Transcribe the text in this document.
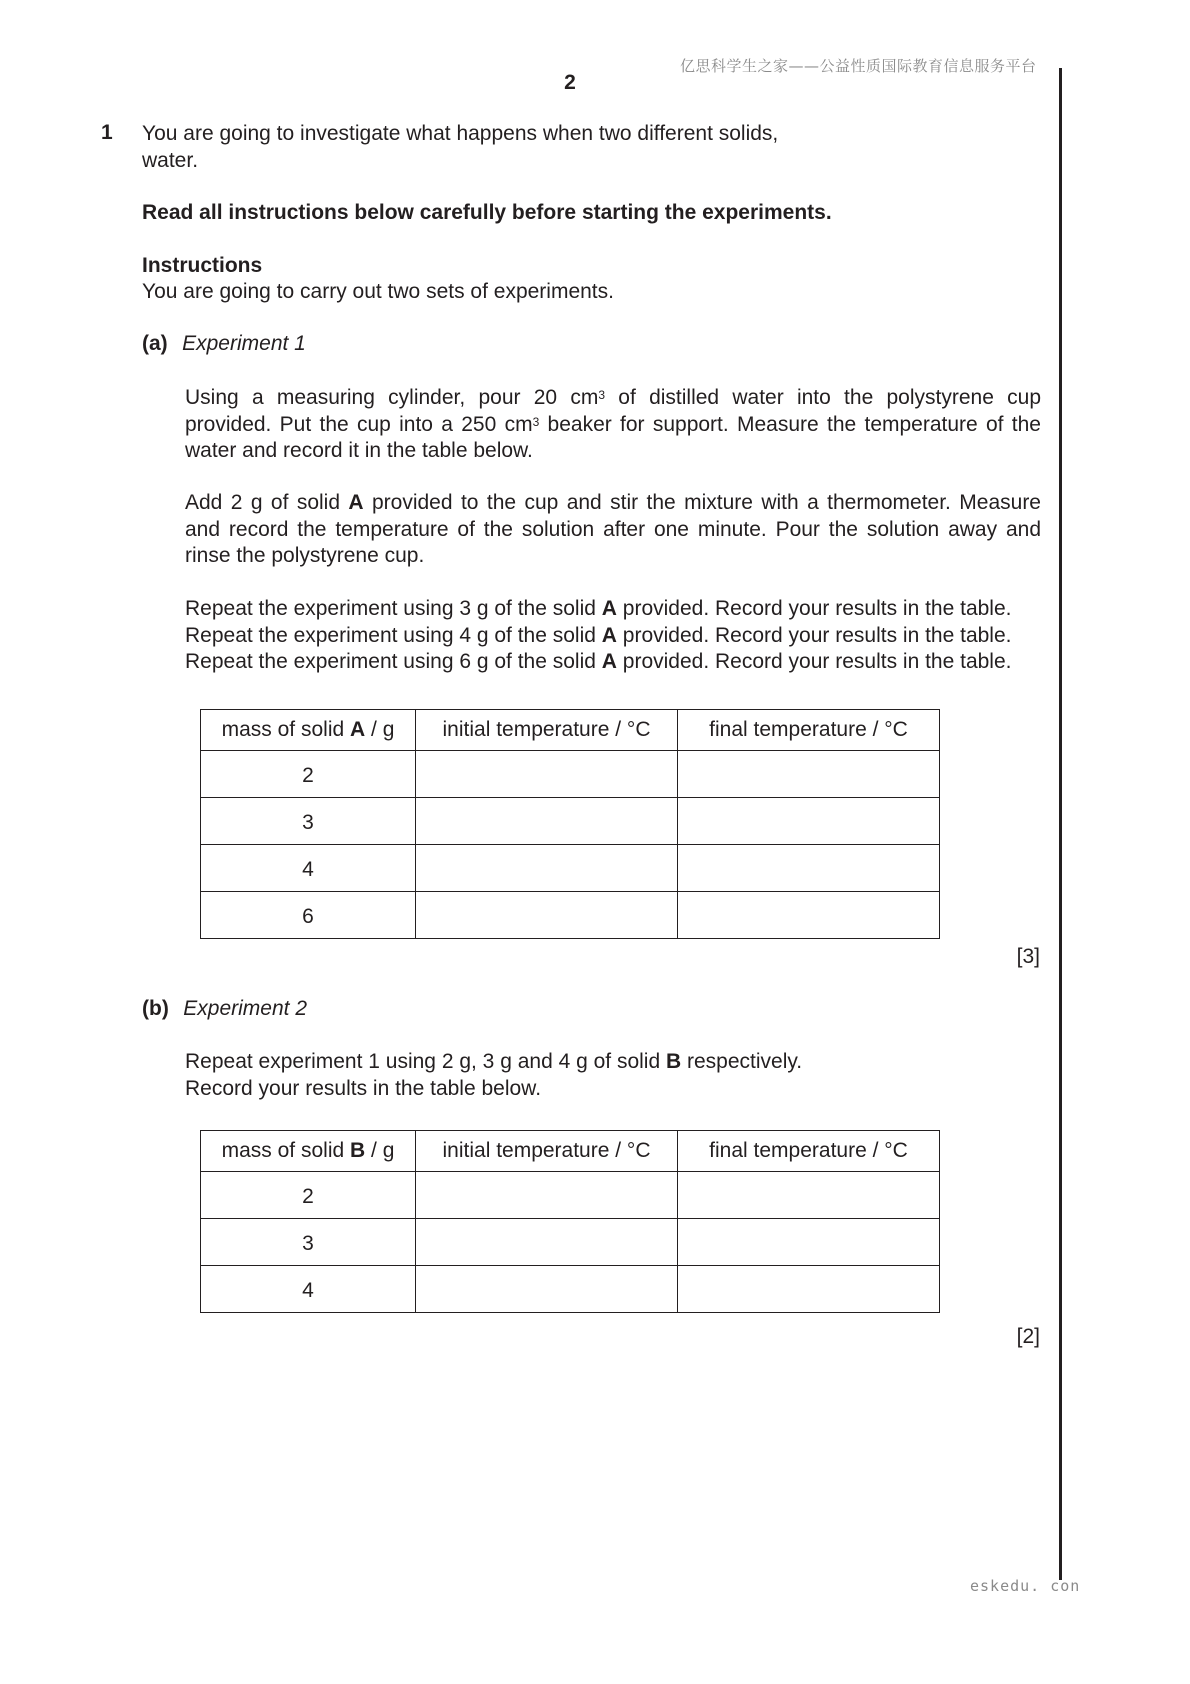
亿思科学生之家——公益性质国际教育信息服务平台
2
1 You are going to investigate what happens when two different solids,
water.
Read all instructions below carefully before starting the experiments.
Instructions
You are going to carry out two sets of experiments.
(a) Experiment 1
Using a measuring cylinder, pour 20 $cm^3$ of distilled water into the polystyrene cup
provided. Put the cup into a 250 $cm^3$ beaker for support. Measure the temperature of the
water and record it in the table below.
Add 2 g of solid A provided to the cup and stir the mixture with a thermometer. Measure
and record the temperature of the solution after one minute. Pour the solution away and
rinse the polystyrene cup.
Repeat the experiment using 3 g of the solid A provided. Record your results in the table.
Repeat the experiment using 4 g of the solid A provided. Record your results in the table.
Repeat the experiment using 6 g of the solid A provided. Record your results in the table.
mass of solid A / g	initial temperature / °C	final temperature / °C
2		
3		
4		
6		
[3]
(b) Experiment 2
Repeat experiment 1 using 2 g, 3 g and 4 g of solid B respectively.
Record your results in the table below.
mass of solid B / g	initial temperature / °C	final temperature / °C
2		
3		
4		
[2]
eskedu. con
